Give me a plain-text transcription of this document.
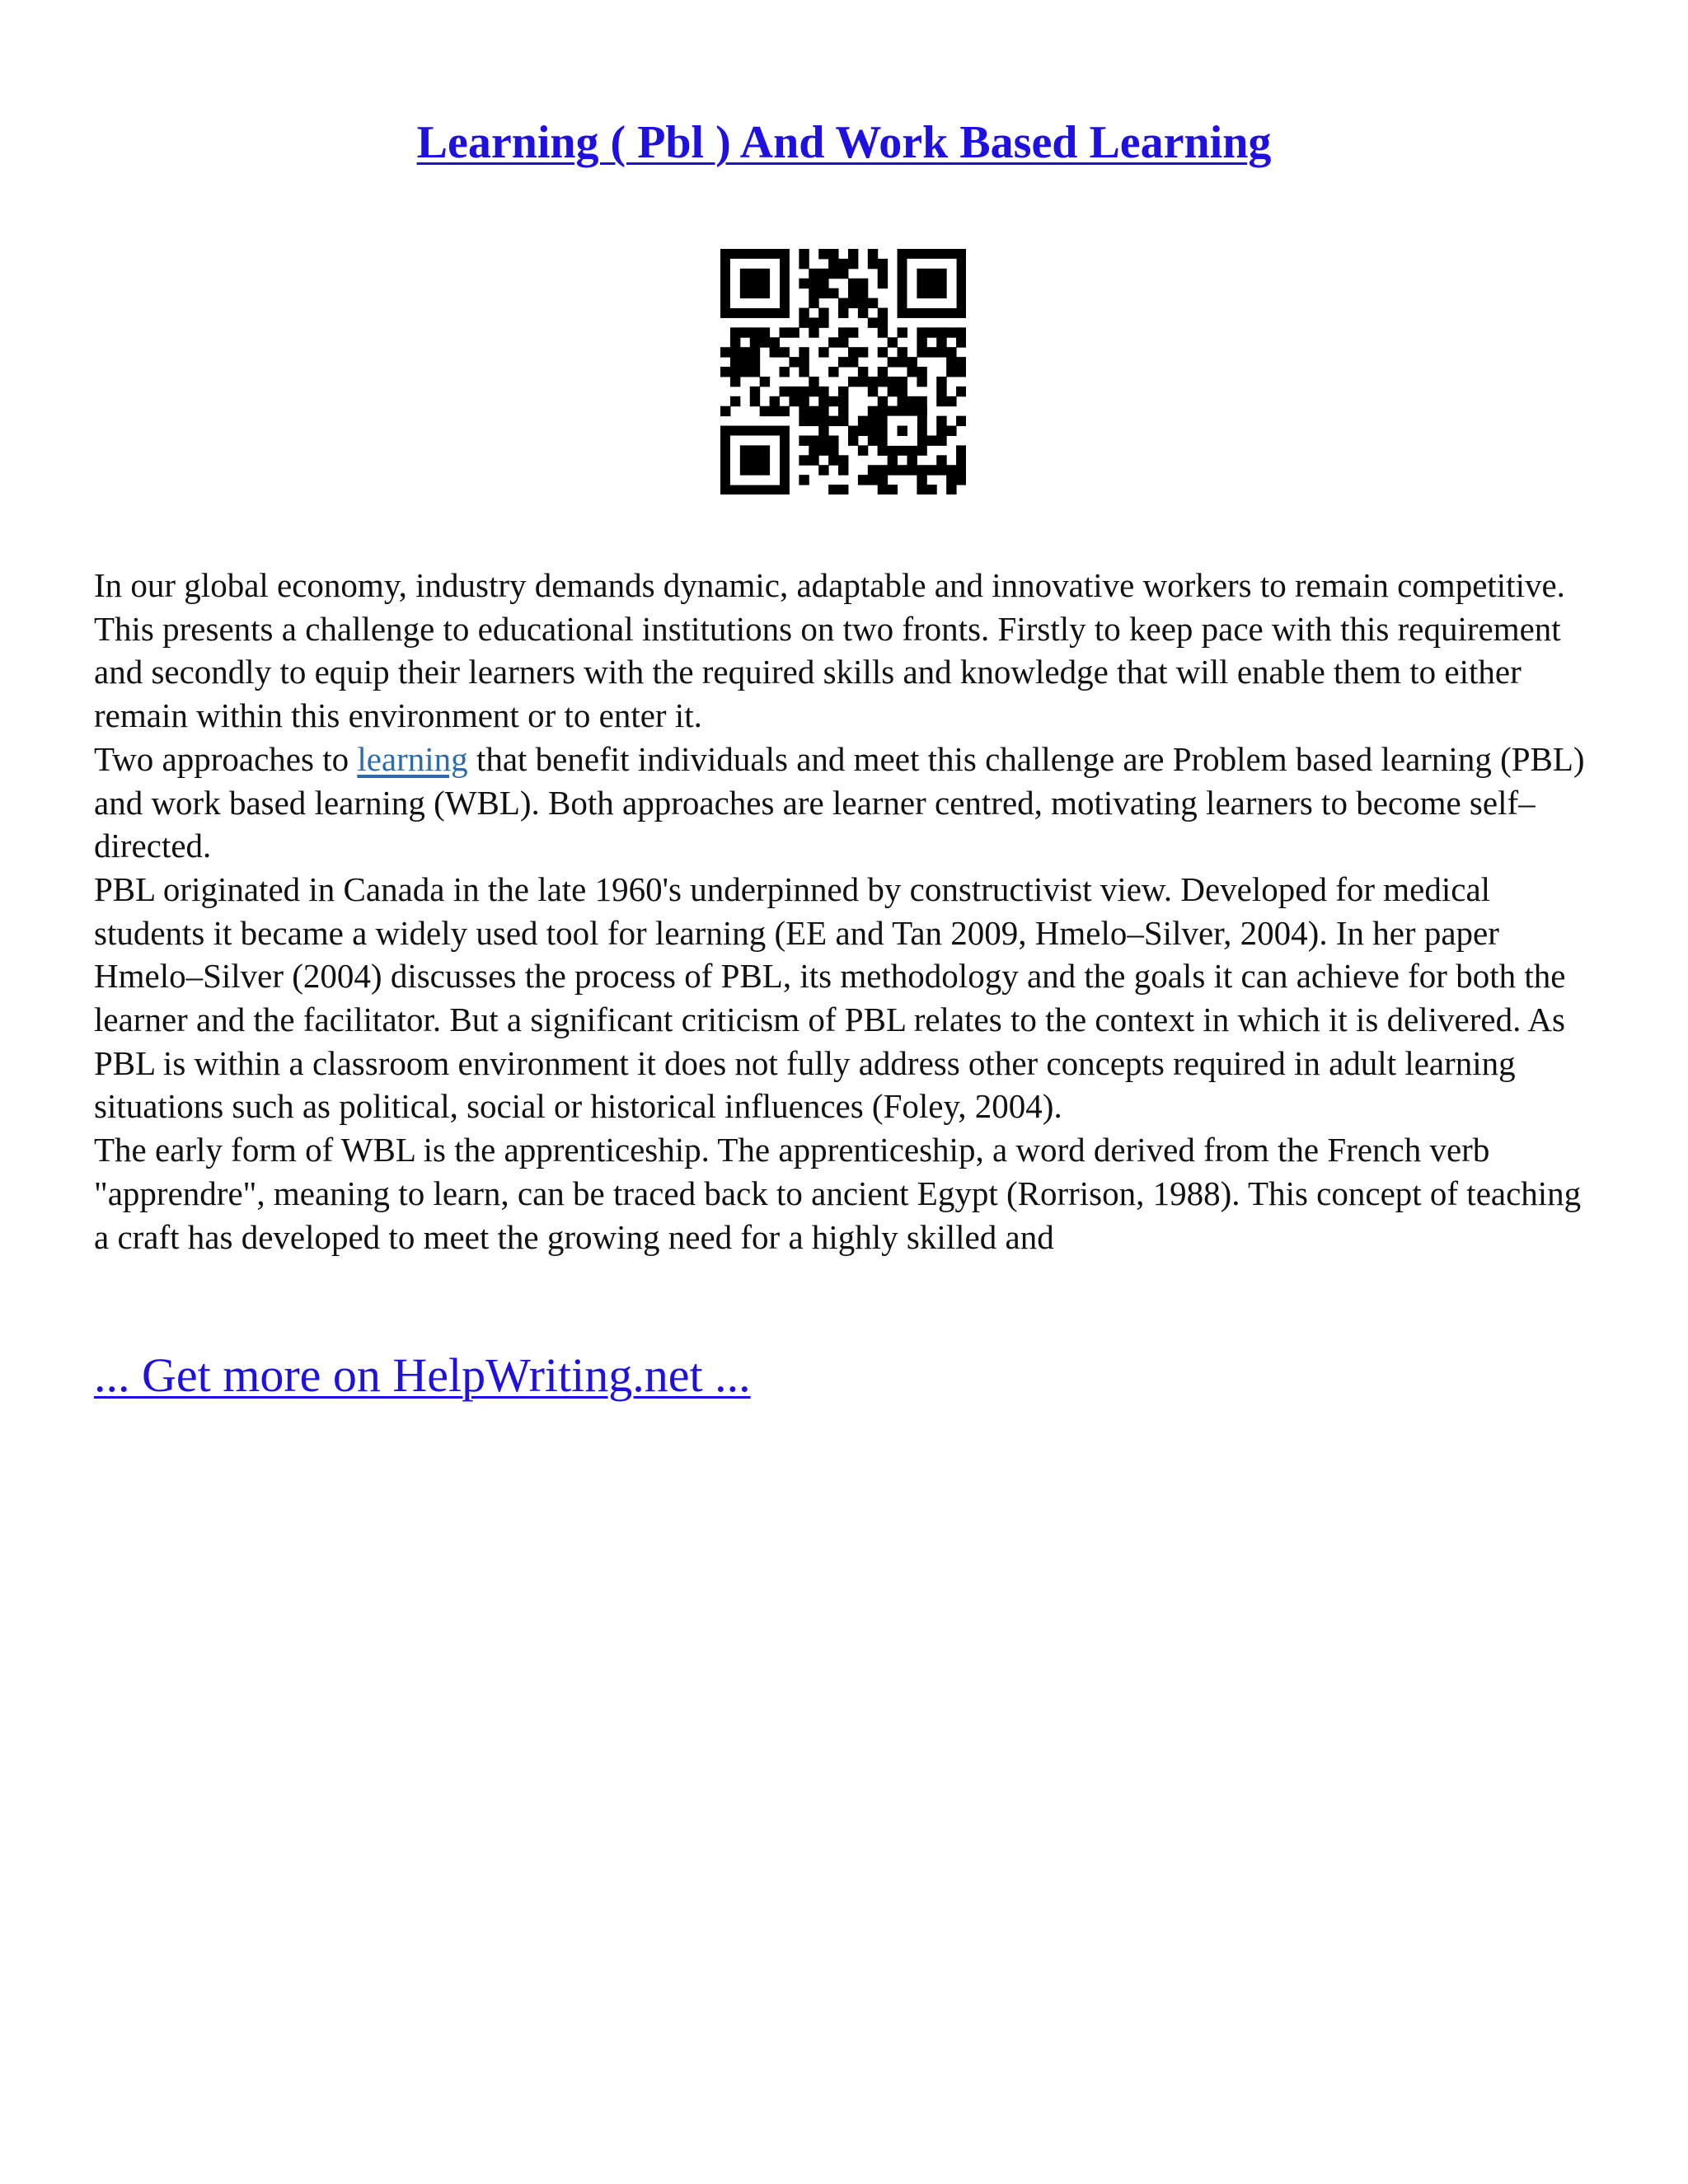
Learning ( Pbl ) And Work Based Learning

In our global economy, industry demands dynamic, adaptable and innovative workers to remain competitive. This presents a challenge to educational institutions on two fronts. Firstly to keep pace with this requirement and secondly to equip their learners with the required skills and knowledge that will enable them to either remain within this environment or to enter it.

Two approaches to learning that benefit individuals and meet this challenge are Problem based learning (PBL) and work based learning (WBL). Both approaches are learner centred, motivating learners to become self– directed.

PBL originated in Canada in the late 1960's underpinned by constructivist view. Developed for medical students it became a widely used tool for learning (EE and Tan 2009, Hmelo–Silver, 2004). In her paper Hmelo–Silver (2004) discusses the process of PBL, its methodology and the goals it can achieve for both the learner and the facilitator. But a significant criticism of PBL relates to the context in which it is delivered. As PBL is within a classroom environment it does not fully address other concepts required in adult learning situations such as political, social or historical influences (Foley, 2004).

The early form of WBL is the apprenticeship. The apprenticeship, a word derived from the French verb "apprendre", meaning to learn, can be traced back to ancient Egypt (Rorrison, 1988). This concept of teaching a craft has developed to meet the growing need for a highly skilled and

... Get more on HelpWriting.net ...
